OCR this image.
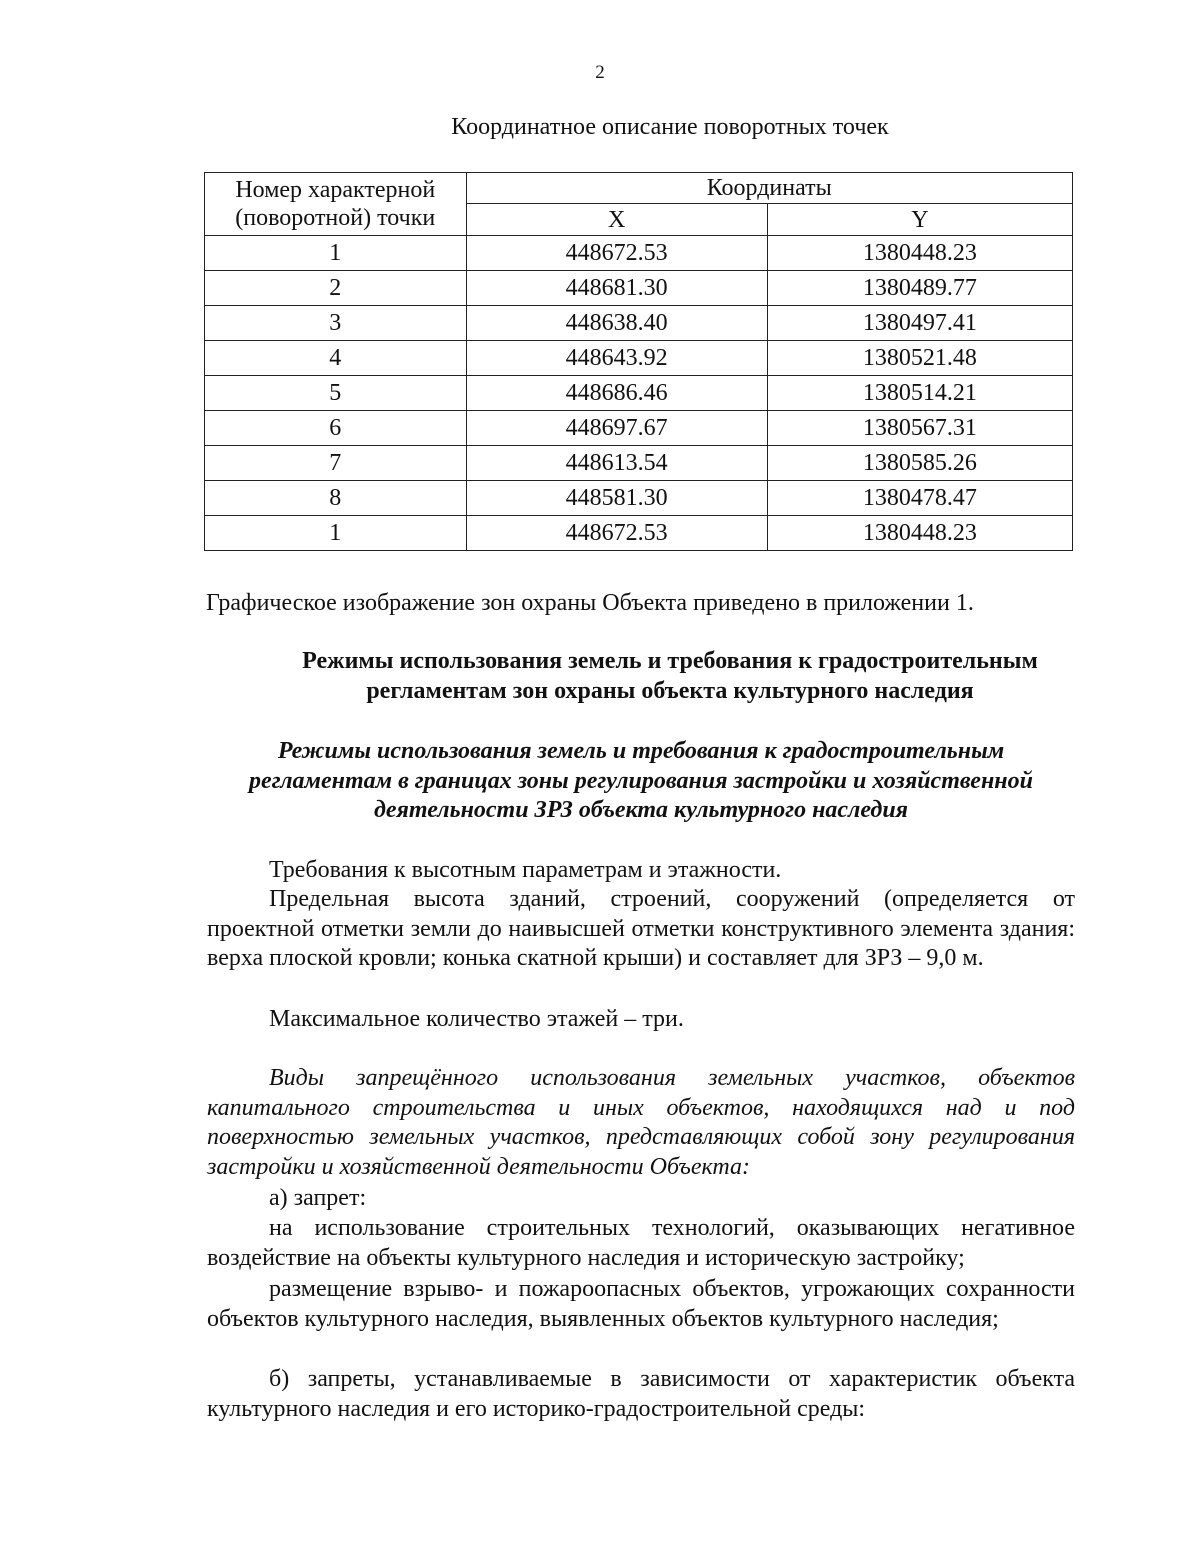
2
Координатное описание поворотных точек
Номер характерной
(поворотной) точки	Координаты	
	X	Y
1	448672.53	1380448.23
2	448681.30	1380489.77
3	448638.40	1380497.41
4	448643.92	1380521.48
5	448686.46	1380514.21
6	448697.67	1380567.31
7	448613.54	1380585.26
8	448581.30	1380478.47
1	448672.53	1380448.23

Графическое изображение зон охраны Объекта приведено в приложении 1.

Режимы использования земель и требования к градостроительным регламентам зон охраны объекта культурного наследия
Режимы использования земель и требования к градостроительным регламентам в границах зоны регулирования застройки и хозяйственной деятельности ЗРЗ объекта культурного наследия

Требования к высотным параметрам и этажности.

Предельная высота зданий, строений, сооружений (определяется от проектной отметки земли до наивысшей отметки конструктивного элемента здания: верха плоской кровли; конька скатной крыши) и составляет для ЗРЗ – 9,0 м.

Максимальное количество этажей – три.

Виды запрещённого использования земельных участков, объектов капитального строительства и иных объектов, находящихся над и под поверхностью земельных участков, представляющих собой зону регулирования застройки и хозяйственной деятельности Объекта:

а) запрет:

на использование строительных технологий, оказывающих негативное воздействие на объекты культурного наследия и историческую застройку;

размещение взрыво- и пожароопасных объектов, угрожающих сохранности объектов культурного наследия, выявленных объектов культурного наследия;

б) запреты, устанавливаемые в зависимости от характеристик объекта культурного наследия и его историко-градостроительной среды:
